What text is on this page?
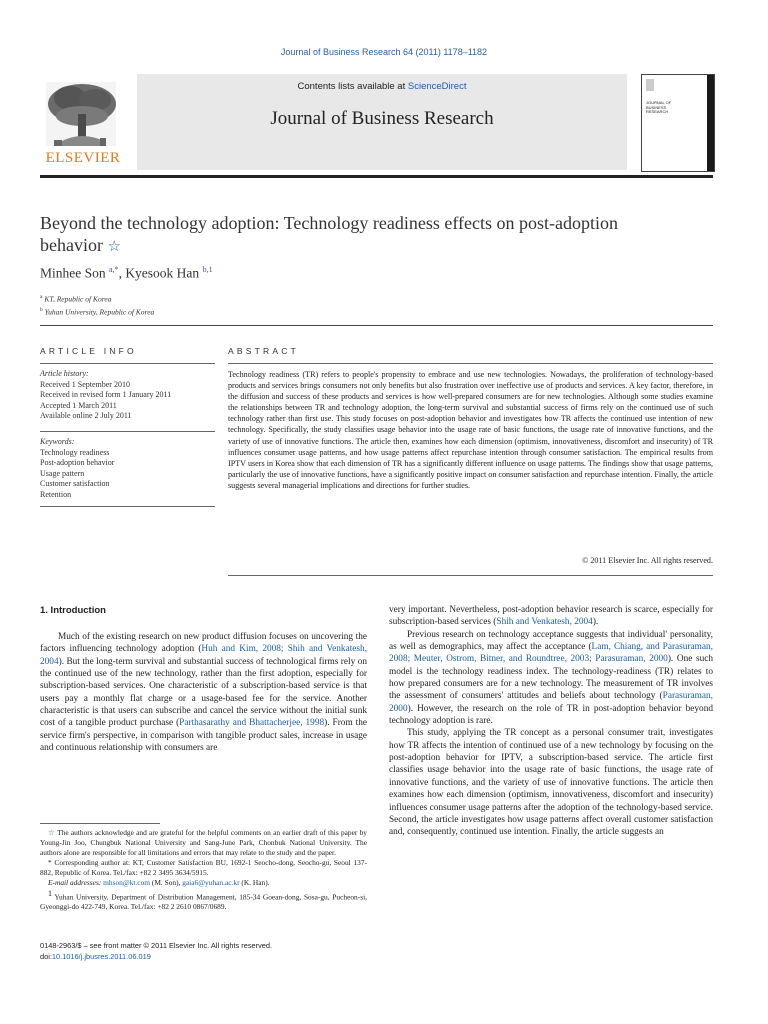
Journal of Business Research 64 (2011) 1178–1182
ELSEVIER
Contents lists available at ScienceDirect
Journal of Business Research
JOURNAL OF BUSINESS RESEARCH
Beyond the technology adoption: Technology readiness effects on post-adoption behavior ☆
Minhee Son $^{a,*}$, Kyesook Han $^{b,1}$
$^a$ KT, Republic of Korea
$^b$ Yuhan University, Republic of Korea
ARTICLE INFO	ABSTRACT
Article history:
Received 1 September 2010
Received in revised form 1 January 2011
Accepted 1 March 2011
Available online 2 July 2011
Keywords:
Technology readiness
Post-adoption behavior
Usage pattern
Customer satisfaction
Retention
Technology readiness (TR) refers to people's propensity to embrace and use new technologies. Nowadays, the proliferation of technology-based products and services brings consumers not only benefits but also frustration over ineffective use of products and services. A key factor, therefore, in the diffusion and success of these products and services is how well-prepared consumers are for new technologies. Although some studies examine the relationships between TR and technology adoption, the long-term survival and substantial success of firms rely on the continued use of such technology rather than first use. This study focuses on post-adoption behavior and investigates how TR affects the continued use intention of new technology. Specifically, the study classifies usage behavior into the usage rate of basic functions, the usage rate of innovative functions, and the variety of use of innovative functions. The article then, examines how each dimension (optimism, innovativeness, discomfort and insecurity) of TR influences consumer usage patterns, and how usage patterns affect repurchase intention through consumer satisfaction. The empirical results from IPTV users in Korea show that each dimension of TR has a significantly different influence on usage patterns. The findings show that usage patterns, particularly the use of innovative functions, have a significantly positive impact on consumer satisfaction and repurchase intention. Finally, the article suggests several managerial implications and directions for further studies.
© 2011 Elsevier Inc. All rights reserved.
1. Introduction

Much of the existing research on new product diffusion focuses on uncovering the factors influencing technology adoption (Huh and Kim, 2008; Shih and Venkatesh, 2004). But the long-term survival and substantial success of technological firms rely on the continued use of the new technology, rather than the first adoption, especially for subscription-based services. One characteristic of a subscription-based service is that users pay a monthly flat charge or a usage-based fee for the service. Another characteristic is that users can subscribe and cancel the service without the initial sunk cost of a tangible product purchase (Parthasarathy and Bhattacherjee, 1998). From the service firm's perspective, in comparison with tangible product sales, increase in usage and continuous relationship with consumers are

very important. Nevertheless, post-adoption behavior research is scarce, especially for subscription-based services (Shih and Venkatesh, 2004).

Previous research on technology acceptance suggests that individual' personality, as well as demographics, may affect the acceptance (Lam, Chiang, and Parasuraman, 2008; Meuter, Ostrom, Bitner, and Roundtree, 2003; Parasuraman, 2000). One such model is the technology readiness index. The technology-readiness (TR) relates to how prepared consumers are for a new technology. The measurement of TR involves the assessment of consumers' attitudes and beliefs about technology (Parasuraman, 2000). However, the research on the role of TR in post-adoption behavior beyond technology adoption is rare.

This study, applying the TR concept as a personal consumer trait, investigates how TR affects the intention of continued use of a new technology by focusing on the post-adoption behavior for IPTV, a subscription-based service. The article first classifies usage behavior into the usage rate of basic functions, the usage rate of innovative functions, and the variety of use of innovative functions. The article then examines how each dimension (optimism, innovativeness, discomfort and insecurity) influences consumer usage patterns after the adoption of the technology-based service. Second, the article investigates how usage patterns affect overall customer satisfaction and, consequently, continued use intention. Finally, the article suggests an

☆ The authors acknowledge and are grateful for the helpful comments on an earlier draft of this paper by Young-Jin Joo, Chungbuk National University and Sang-June Park, Chonbuk National University. The authors alone are responsible for all limitations and errors that may relate to the study and the paper.

* Corresponding author at: KT, Customer Satisfaction BU, 1692-1 Seocho-dong, Seocho-gu, Seoul 137-882, Republic of Korea. Tel./fax: +82 2 3495 3634/5915.

E-mail addresses: mhson@kt.com (M. Son), gaia6@yuhan.ac.kr (K. Han).

$^1$ Yuhan University, Department of Distribution Management, 185-34 Goean-dong, Sosa-gu, Pucheon-si, Gyeonggi-do 422-749, Korea. Tel./fax: +82 2 2610 0867/0689.

0148-2963/$ – see front matter © 2011 Elsevier Inc. All rights reserved.
doi:10.1016/j.jbusres.2011.06.019
